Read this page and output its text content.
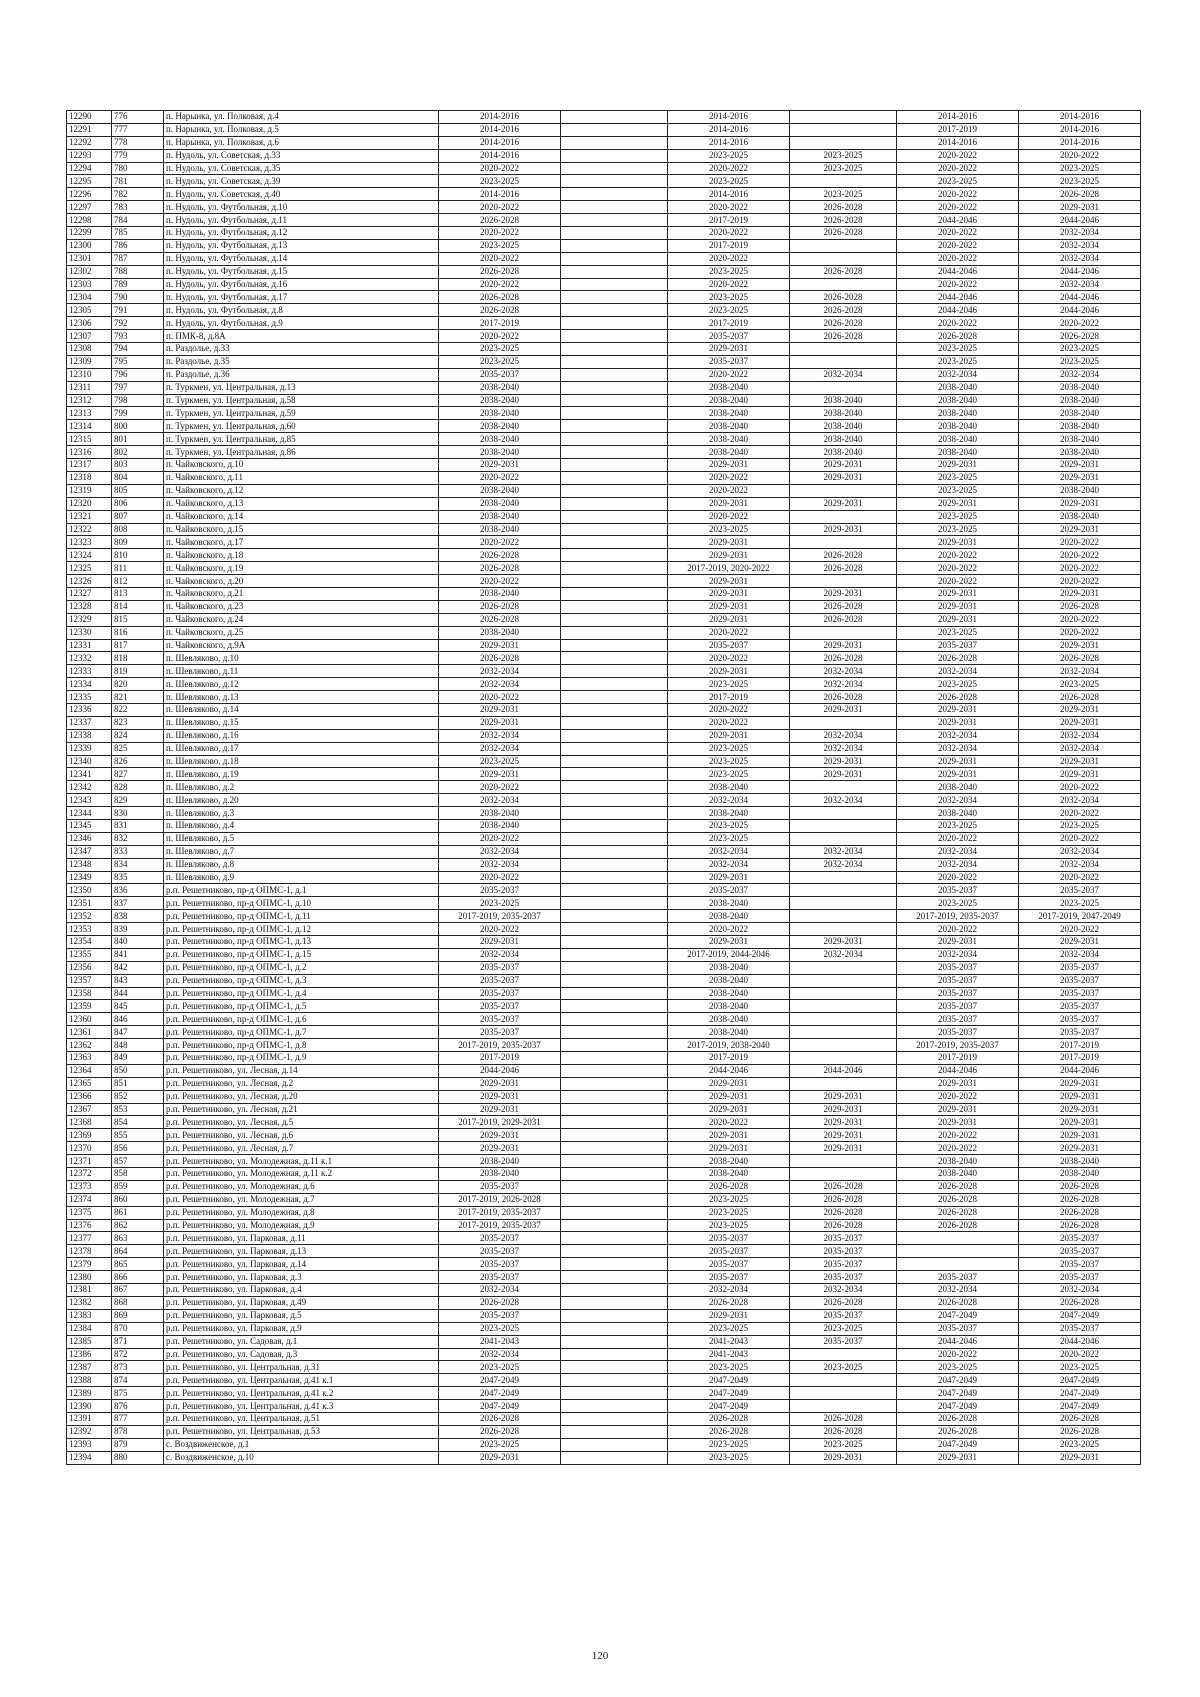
12290	776	п. Нарынка, ул. Полковая, д.4	2014-2016		2014-2016		2014-2016	2014-2016
12291	777	п. Нарынка, ул. Полковая, д.5	2014-2016		2014-2016		2017-2019	2014-2016
12292	778	п. Нарынка, ул. Полковая, д.6	2014-2016		2014-2016		2014-2016	2014-2016
12293	779	п. Нудоль, ул. Советская, д.33	2014-2016		2023-2025	2023-2025	2020-2022	2020-2022
12294	780	п. Нудоль, ул. Советская, д.35	2020-2022		2020-2022	2023-2025	2020-2022	2023-2025
12295	781	п. Нудоль, ул. Советская, д.39	2023-2025		2023-2025		2023-2025	2023-2025
12296	782	п. Нудоль, ул. Советская, д.40	2014-2016		2014-2016	2023-2025	2020-2022	2026-2028
12297	783	п. Нудоль, ул. Футбольная, д.10	2020-2022		2020-2022	2026-2028	2020-2022	2029-2031
12298	784	п. Нудоль, ул. Футбольная, д.11	2026-2028		2017-2019	2026-2028	2044-2046	2044-2046
12299	785	п. Нудоль, ул. Футбольная, д.12	2020-2022		2020-2022	2026-2028	2020-2022	2032-2034
12300	786	п. Нудоль, ул. Футбольная, д.13	2023-2025		2017-2019		2020-2022	2032-2034
12301	787	п. Нудоль, ул. Футбольная, д.14	2020-2022		2020-2022		2020-2022	2032-2034
12302	788	п. Нудоль, ул. Футбольная, д.15	2026-2028		2023-2025	2026-2028	2044-2046	2044-2046
12303	789	п. Нудоль, ул. Футбольная, д.16	2020-2022		2020-2022		2020-2022	2032-2034
12304	790	п. Нудоль, ул. Футбольная, д.17	2026-2028		2023-2025	2026-2028	2044-2046	2044-2046
12305	791	п. Нудоль, ул. Футбольная, д.8	2026-2028		2023-2025	2026-2028	2044-2046	2044-2046
12306	792	п. Нудоль, ул. Футбольная, д.9	2017-2019		2017-2019	2026-2028	2020-2022	2020-2022
12307	793	п. ПМК-8, д.8А	2020-2022		2035-2037	2026-2028	2026-2028	2026-2028
12308	794	п. Раздолье, д.33	2023-2025		2029-2031		2023-2025	2023-2025
12309	795	п. Раздолье, д.35	2023-2025		2035-2037		2023-2025	2023-2025
12310	796	п. Раздолье, д.36	2035-2037		2020-2022	2032-2034	2032-2034	2032-2034
12311	797	п. Туркмен, ул. Центральная, д.13	2038-2040		2038-2040		2038-2040	2038-2040
12312	798	п. Туркмен, ул. Центральная, д.58	2038-2040		2038-2040	2038-2040	2038-2040	2038-2040
12313	799	п. Туркмен, ул. Центральная, д.59	2038-2040		2038-2040	2038-2040	2038-2040	2038-2040
12314	800	п. Туркмен, ул. Центральная, д.60	2038-2040		2038-2040	2038-2040	2038-2040	2038-2040
12315	801	п. Туркмен, ул. Центральная, д.85	2038-2040		2038-2040	2038-2040	2038-2040	2038-2040
12316	802	п. Туркмен, ул. Центральная, д.86	2038-2040		2038-2040	2038-2040	2038-2040	2038-2040
12317	803	п. Чайковского, д.10	2029-2031		2029-2031	2029-2031	2029-2031	2029-2031
12318	804	п. Чайковского, д.11	2020-2022		2020-2022	2029-2031	2023-2025	2029-2031
12319	805	п. Чайковского, д.12	2038-2040		2020-2022		2023-2025	2038-2040
12320	806	п. Чайковского, д.13	2038-2040		2029-2031	2029-2031	2029-2031	2029-2031
12321	807	п. Чайковского, д.14	2038-2040		2020-2022		2023-2025	2038-2040
12322	808	п. Чайковского, д.15	2038-2040		2023-2025	2029-2031	2023-2025	2029-2031
12323	809	п. Чайковского, д.17	2020-2022		2029-2031		2029-2031	2020-2022
12324	810	п. Чайковского, д.18	2026-2028		2029-2031	2026-2028	2020-2022	2020-2022
12325	811	п. Чайковского, д.19	2026-2028		2017-2019, 2020-2022	2026-2028	2020-2022	2020-2022
12326	812	п. Чайковского, д.20	2020-2022		2029-2031		2020-2022	2020-2022
12327	813	п. Чайковского, д.21	2038-2040		2029-2031	2029-2031	2029-2031	2029-2031
12328	814	п. Чайковского, д.23	2026-2028		2029-2031	2026-2028	2029-2031	2026-2028
12329	815	п. Чайковского, д.24	2026-2028		2029-2031	2026-2028	2029-2031	2020-2022
12330	816	п. Чайковского, д.25	2038-2040		2020-2022		2023-2025	2020-2022
12331	817	п. Чайковского, д.9А	2029-2031		2035-2037	2029-2031	2035-2037	2029-2031
12332	818	п. Шевляково, д.10	2026-2028		2020-2022	2026-2028	2026-2028	2026-2028
12333	819	п. Шевляково, д.11	2032-2034		2029-2031	2032-2034	2032-2034	2032-2034
12334	820	п. Шевляково, д.12	2032-2034		2023-2025	2032-2034	2023-2025	2023-2025
12335	821	п. Шевляково, д.13	2020-2022		2017-2019	2026-2028	2026-2028	2026-2028
12336	822	п. Шевляково, д.14	2029-2031		2020-2022	2029-2031	2029-2031	2029-2031
12337	823	п. Шевляково, д.15	2029-2031		2020-2022		2029-2031	2029-2031
12338	824	п. Шевляково, д.16	2032-2034		2029-2031	2032-2034	2032-2034	2032-2034
12339	825	п. Шевляково, д.17	2032-2034		2023-2025	2032-2034	2032-2034	2032-2034
12340	826	п. Шевляково, д.18	2023-2025		2023-2025	2029-2031	2029-2031	2029-2031
12341	827	п. Шевляково, д.19	2029-2031		2023-2025	2029-2031	2029-2031	2029-2031
12342	828	п. Шевляково, д.2	2020-2022		2038-2040		2038-2040	2020-2022
12343	829	п. Шевляково, д.20	2032-2034		2032-2034	2032-2034	2032-2034	2032-2034
12344	830	п. Шевляково, д.3	2038-2040		2038-2040		2038-2040	2020-2022
12345	831	п. Шевляково, д.4	2038-2040		2023-2025		2023-2025	2023-2025
12346	832	п. Шевляково, д.5	2020-2022		2023-2025		2020-2022	2020-2022
12347	833	п. Шевляково, д.7	2032-2034		2032-2034	2032-2034	2032-2034	2032-2034
12348	834	п. Шевляково, д.8	2032-2034		2032-2034	2032-2034	2032-2034	2032-2034
12349	835	п. Шевляково, д.9	2020-2022		2029-2031		2020-2022	2020-2022
12350	836	р.п. Решетниково, пр-д ОПМС-1, д.1	2035-2037		2035-2037		2035-2037	2035-2037
12351	837	р.п. Решетниково, пр-д ОПМС-1, д.10	2023-2025		2038-2040		2023-2025	2023-2025
12352	838	р.п. Решетниково, пр-д ОПМС-1, д.11	2017-2019, 2035-2037		2038-2040		2017-2019, 2035-2037	2017-2019, 2047-2049
12353	839	р.п. Решетниково, пр-д ОПМС-1, д.12	2020-2022		2020-2022		2020-2022	2020-2022
12354	840	р.п. Решетниково, пр-д ОПМС-1, д.13	2029-2031		2029-2031	2029-2031	2029-2031	2029-2031
12355	841	р.п. Решетниково, пр-д ОПМС-1, д.15	2032-2034		2017-2019, 2044-2046	2032-2034	2032-2034	2032-2034
12356	842	р.п. Решетниково, пр-д ОПМС-1, д.2	2035-2037		2038-2040		2035-2037	2035-2037
12357	843	р.п. Решетниково, пр-д ОПМС-1, д.3	2035-2037		2038-2040		2035-2037	2035-2037
12358	844	р.п. Решетниково, пр-д ОПМС-1, д.4	2035-2037		2038-2040		2035-2037	2035-2037
12359	845	р.п. Решетниково, пр-д ОПМС-1, д.5	2035-2037		2038-2040		2035-2037	2035-2037
12360	846	р.п. Решетниково, пр-д ОПМС-1, д.6	2035-2037		2038-2040		2035-2037	2035-2037
12361	847	р.п. Решетниково, пр-д ОПМС-1, д.7	2035-2037		2038-2040		2035-2037	2035-2037
12362	848	р.п. Решетниково, пр-д ОПМС-1, д.8	2017-2019, 2035-2037		2017-2019, 2038-2040		2017-2019, 2035-2037	2017-2019
12363	849	р.п. Решетниково, пр-д ОПМС-1, д.9	2017-2019		2017-2019		2017-2019	2017-2019
12364	850	р.п. Решетниково, ул. Лесная, д.14	2044-2046		2044-2046	2044-2046	2044-2046	2044-2046
12365	851	р.п. Решетниково, ул. Лесная, д.2	2029-2031		2029-2031		2029-2031	2029-2031
12366	852	р.п. Решетниково, ул. Лесная, д.20	2029-2031		2029-2031	2029-2031	2020-2022	2029-2031
12367	853	р.п. Решетниково, ул. Лесная, д.21	2029-2031		2029-2031	2029-2031	2029-2031	2029-2031
12368	854	р.п. Решетниково, ул. Лесная, д.5	2017-2019, 2029-2031		2020-2022	2029-2031	2029-2031	2029-2031
12369	855	р.п. Решетниково, ул. Лесная, д.6	2029-2031		2029-2031	2029-2031	2020-2022	2029-2031
12370	856	р.п. Решетниково, ул. Лесная, д.7	2029-2031		2029-2031	2029-2031	2020-2022	2029-2031
12371	857	р.п. Решетниково, ул. Молодежная, д.11 к.1	2038-2040		2038-2040		2038-2040	2038-2040
12372	858	р.п. Решетниково, ул. Молодежная, д.11 к.2	2038-2040		2038-2040		2038-2040	2038-2040
12373	859	р.п. Решетниково, ул. Молодежная, д.6	2035-2037		2026-2028	2026-2028	2026-2028	2026-2028
12374	860	р.п. Решетниково, ул. Молодежная, д.7	2017-2019, 2026-2028		2023-2025	2026-2028	2026-2028	2026-2028
12375	861	р.п. Решетниково, ул. Молодежная, д.8	2017-2019, 2035-2037		2023-2025	2026-2028	2026-2028	2026-2028
12376	862	р.п. Решетниково, ул. Молодежная, д.9	2017-2019, 2035-2037		2023-2025	2026-2028	2026-2028	2026-2028
12377	863	р.п. Решетниково, ул. Парковая, д.11	2035-2037		2035-2037	2035-2037		2035-2037
12378	864	р.п. Решетниково, ул. Парковая, д.13	2035-2037		2035-2037	2035-2037		2035-2037
12379	865	р.п. Решетниково, ул. Парковая, д.14	2035-2037		2035-2037	2035-2037		2035-2037
12380	866	р.п. Решетниково, ул. Парковая, д.3	2035-2037		2035-2037	2035-2037	2035-2037	2035-2037
12381	867	р.п. Решетниково, ул. Парковая, д.4	2032-2034		2032-2034	2032-2034	2032-2034	2032-2034
12382	868	р.п. Решетниково, ул. Парковая, д.49	2026-2028		2026-2028	2026-2028	2026-2028	2026-2028
12383	869	р.п. Решетниково, ул. Парковая, д.5	2035-2037		2029-2031	2035-2037	2047-2049	2047-2049
12384	870	р.п. Решетниково, ул. Парковая, д.9	2023-2025		2023-2025	2023-2025	2035-2037	2035-2037
12385	871	р.п. Решетниково, ул. Садовая, д.1	2041-2043		2041-2043	2035-2037	2044-2046	2044-2046
12386	872	р.п. Решетниково, ул. Садовая, д.3	2032-2034		2041-2043		2020-2022	2020-2022
12387	873	р.п. Решетниково, ул. Центральная, д.31	2023-2025		2023-2025	2023-2025	2023-2025	2023-2025
12388	874	р.п. Решетниково, ул. Центральная, д.41 к.1	2047-2049		2047-2049		2047-2049	2047-2049
12389	875	р.п. Решетниково, ул. Центральная, д.41 к.2	2047-2049		2047-2049		2047-2049	2047-2049
12390	876	р.п. Решетниково, ул. Центральная, д.41 к.3	2047-2049		2047-2049		2047-2049	2047-2049
12391	877	р.п. Решетниково, ул. Центральная, д.51	2026-2028		2026-2028	2026-2028	2026-2028	2026-2028
12392	878	р.п. Решетниково, ул. Центральная, д.53	2026-2028		2026-2028	2026-2028	2026-2028	2026-2028
12393	879	с. Воздвиженское, д.1	2023-2025		2023-2025	2023-2025	2047-2049	2023-2025
12394	880	с. Воздвиженское, д.10	2029-2031		2023-2025	2029-2031	2029-2031	2029-2031
120
